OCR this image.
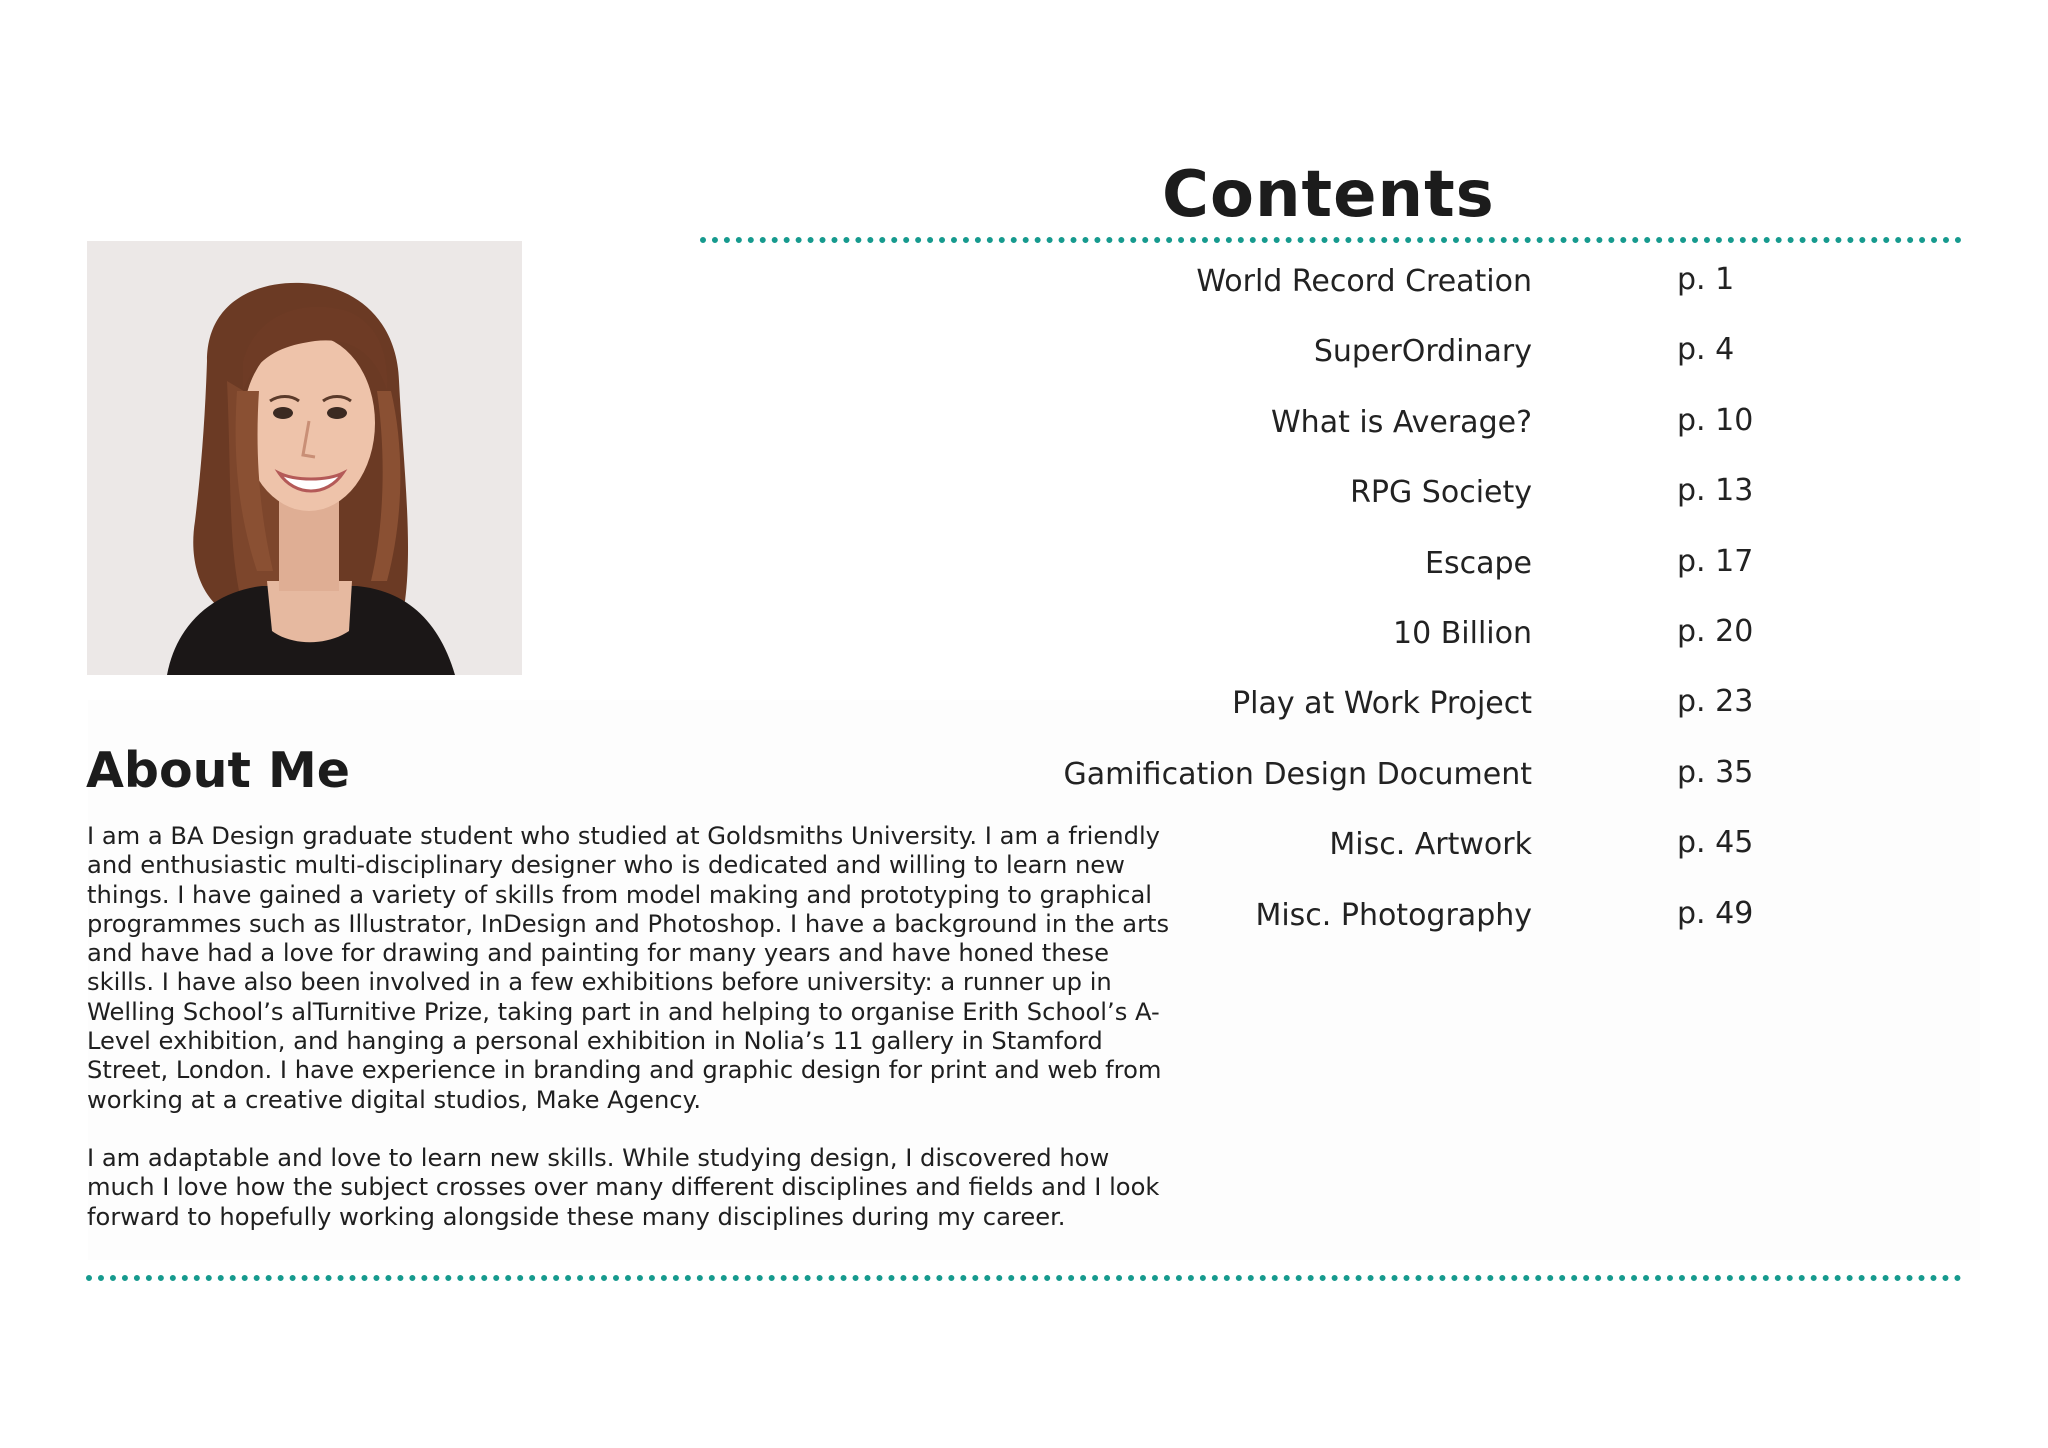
Contents
World Record Creation	p. 1
SuperOrdinary	p. 4
What is Average?	p. 10
RPG Society	p. 13
Escape	p. 17
10 Billion	p. 20
Play at Work Project	p. 23
Gamification Design Document	p. 35
Misc. Artwork	p. 45
Misc. Photography	p. 49
About Me

I am a BA Design graduate student who studied at Goldsmiths University. I am a friendly and enthusiastic multi-disciplinary designer who is dedicated and willing to learn new things. I have gained a variety of skills from model making and prototyping to graphical programmes such as Illustrator, InDesign and Photoshop. I have a background in the arts and have had a love for drawing and painting for many years and have honed these skills. I have also been involved in a few exhibitions before university: a runner up in Welling School’s alTurnitive Prize, taking part in and helping to organise Erith School’s A-Level exhibition, and hanging a personal exhibition in Nolia’s 11 gallery in Stamford Street, London. I have experience in branding and graphic design for print and web from working at a creative digital studios, Make Agency.

I am adaptable and love to learn new skills. While studying design, I discovered how much I love how the subject crosses over many different disciplines and fields and I look forward to hopefully working alongside these many disciplines during my career.
